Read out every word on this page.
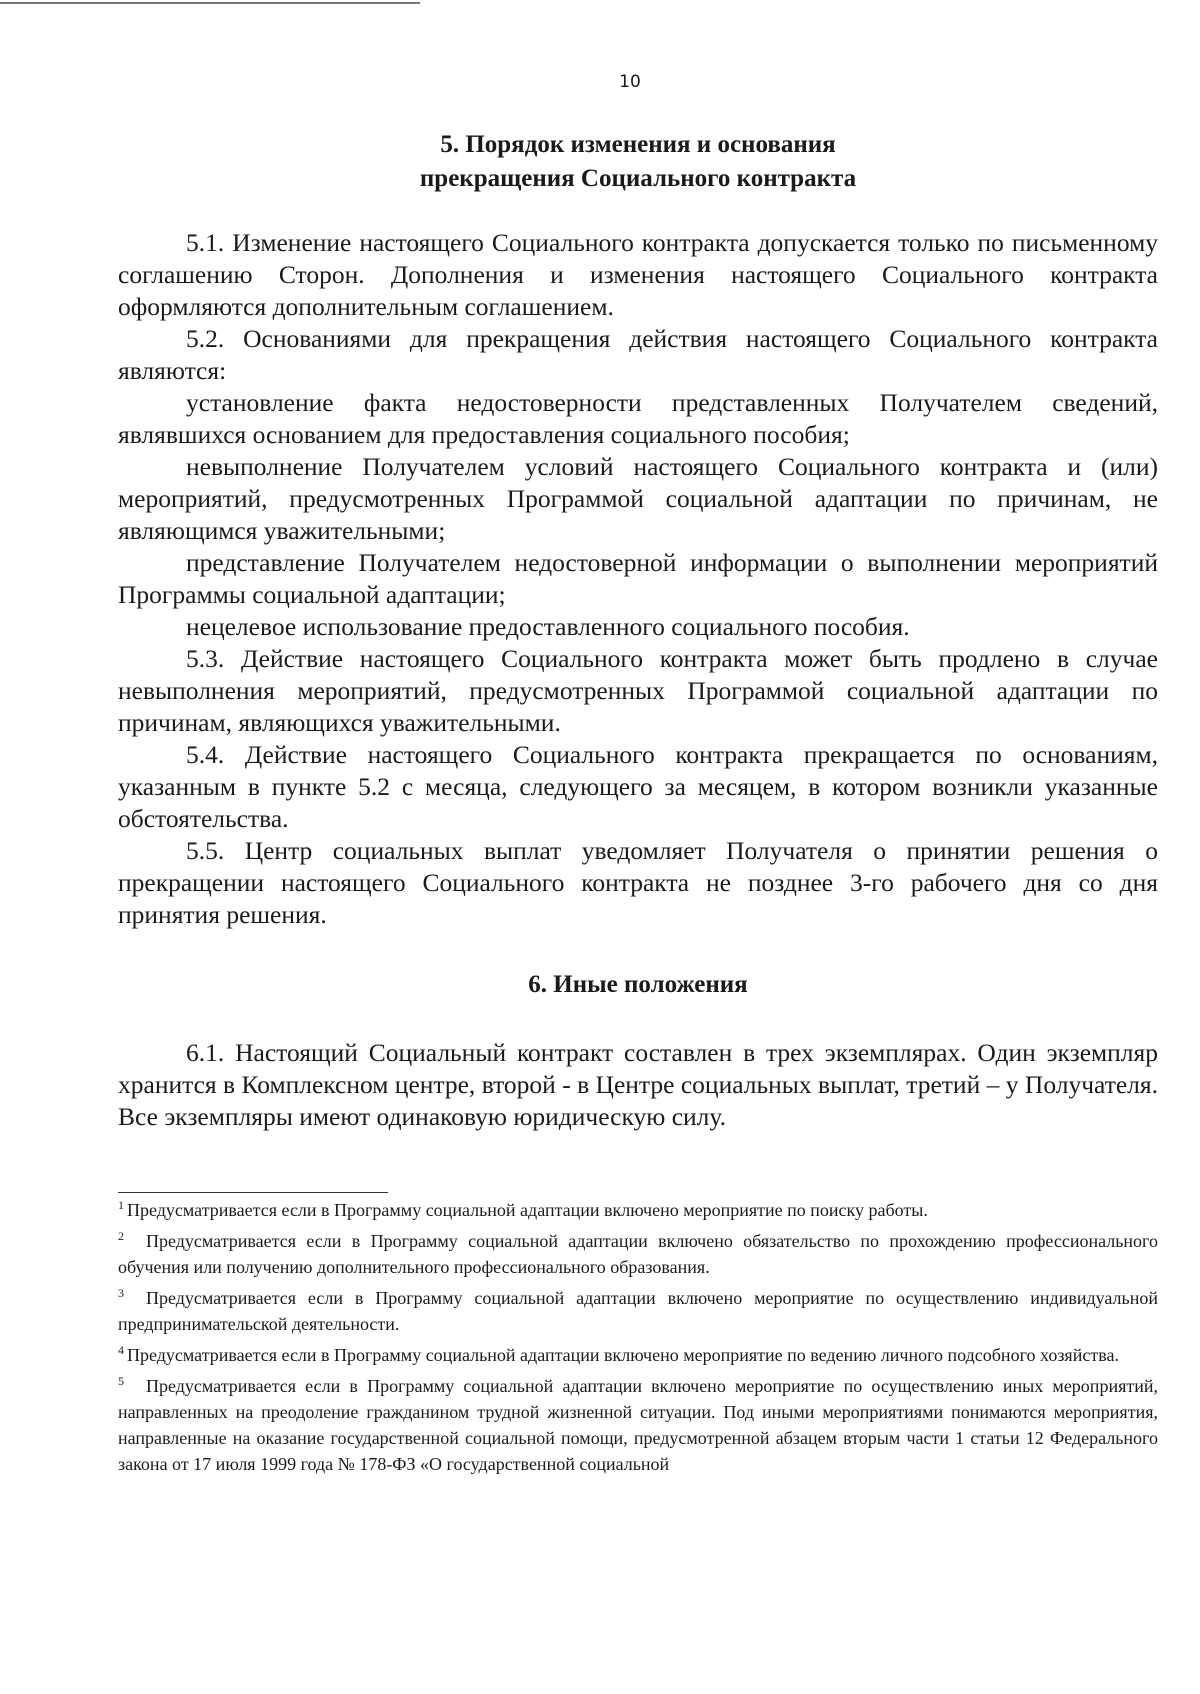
10
5. Порядок изменения и основания
прекращения Социального контракта

5.1. Изменение настоящего Социального контракта допускается только по письменному соглашению Сторон. Дополнения и изменения настоящего Социального контракта оформляются дополнительным соглашением.

5.2. Основаниями для прекращения действия настоящего Социального контракта являются:

установление факта недостоверности представленных Получателем сведений, являвшихся основанием для предоставления социального пособия;

невыполнение Получателем условий настоящего Социального контракта и (или) мероприятий, предусмотренных Программой социальной адаптации по причинам, не являющимся уважительными;

представление Получателем недостоверной информации о выполнении мероприятий Программы социальной адаптации;

нецелевое использование предоставленного социального пособия.

5.3. Действие настоящего Социального контракта может быть продлено в случае невыполнения мероприятий, предусмотренных Программой социальной адаптации по причинам, являющихся уважительными.

5.4. Действие настоящего Социального контракта прекращается по основаниям, указанным в пункте 5.2 с месяца, следующего за месяцем, в котором возникли указанные обстоятельства.

5.5. Центр социальных выплат уведомляет Получателя о принятии решения о прекращении настоящего Социального контракта не позднее 3-го рабочего дня со дня принятия решения.

6. Иные положения

6.1. Настоящий Социальный контракт составлен в трех экземплярах. Один экземпляр хранится в Комплексном центре, второй - в Центре социальных выплат, третий – у Получателя. Все экземпляры имеют одинаковую юридическую силу.

$^1$ Предусматривается если в Программу социальной адаптации включено мероприятие по поиску работы.

$^2$ Предусматривается если в Программу социальной адаптации включено обязательство по прохождению профессионального обучения или получению дополнительного профессионального образования.

$^3$ Предусматривается если в Программу социальной адаптации включено мероприятие по осуществлению индивидуальной предпринимательской деятельности.

$^4$ Предусматривается если в Программу социальной адаптации включено мероприятие по ведению личного подсобного хозяйства.

$^5$ Предусматривается если в Программу социальной адаптации включено мероприятие по осуществлению иных мероприятий, направленных на преодоление гражданином трудной жизненной ситуации. Под иными мероприятиями понимаются мероприятия, направленные на оказание государственной социальной помощи, предусмотренной абзацем вторым части 1 статьи 12 Федерального закона от 17 июля 1999 года № 178-ФЗ «О государственной социальной
